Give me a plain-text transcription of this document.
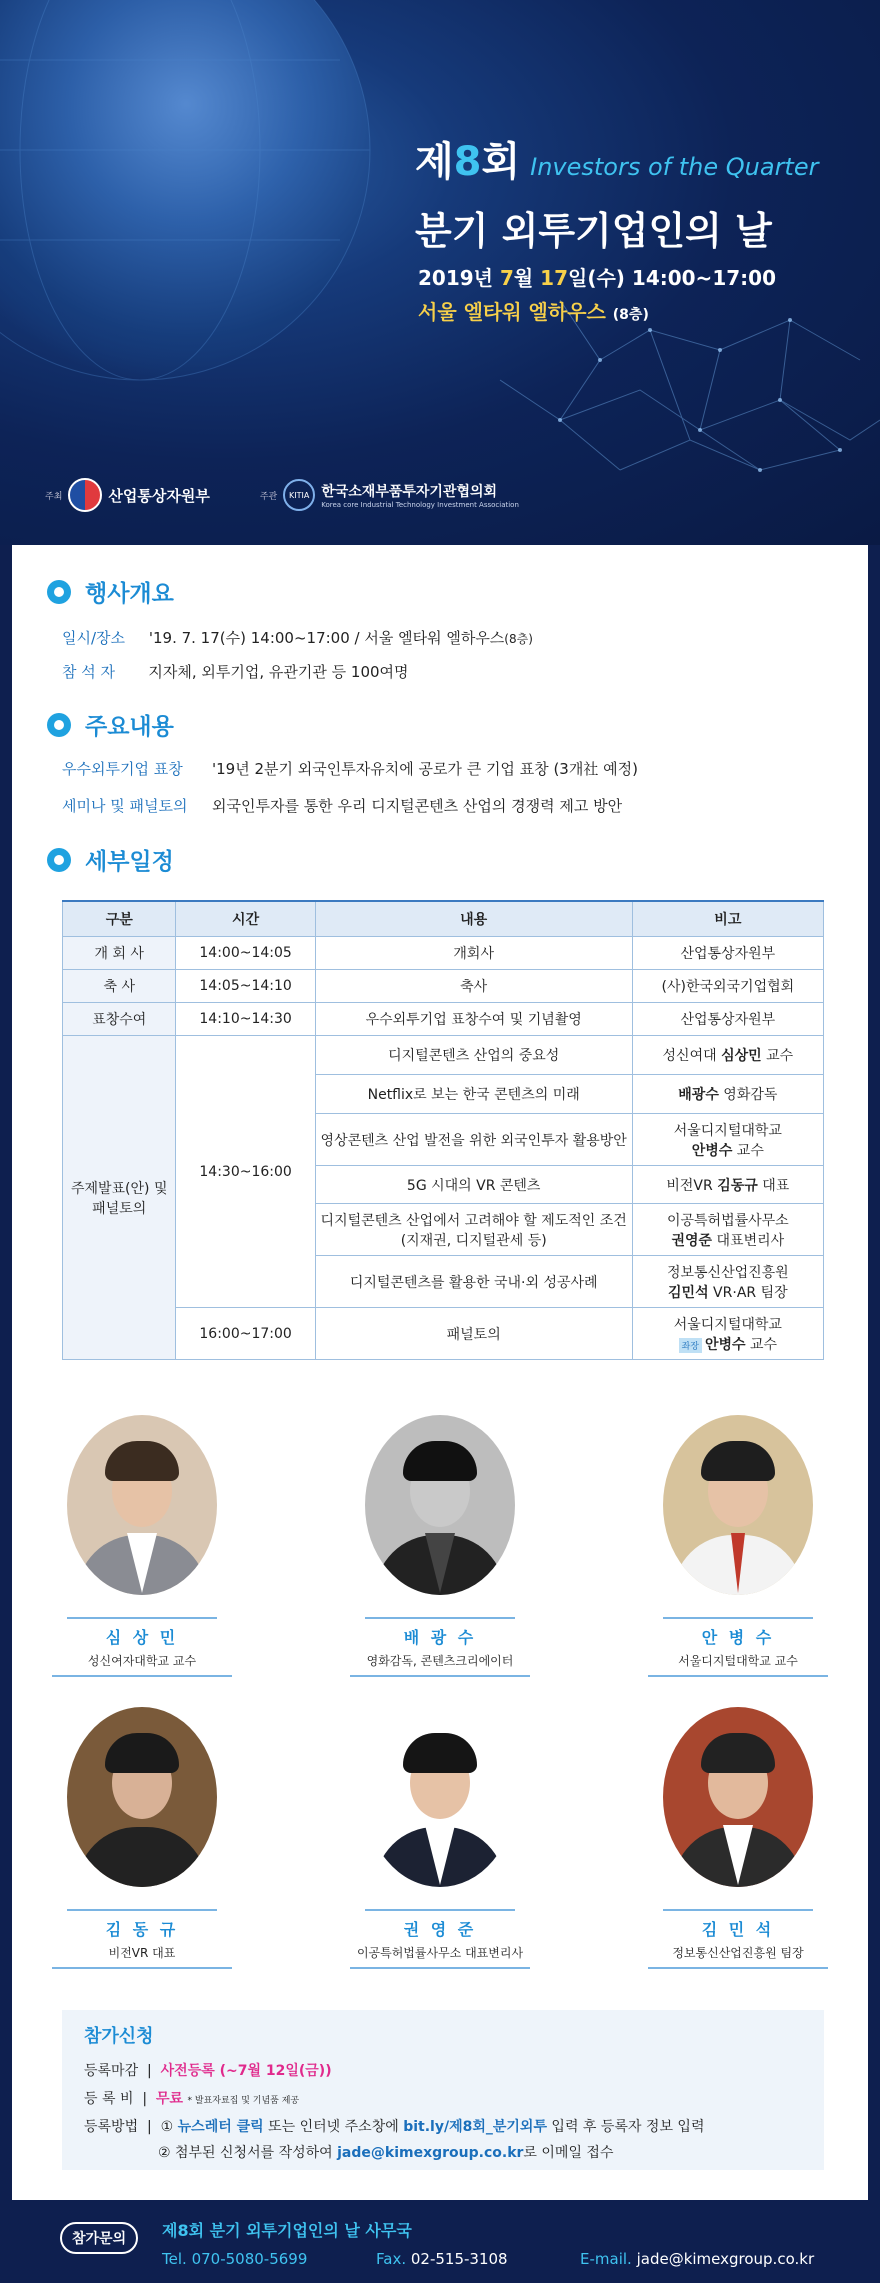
제8회 Investors of the Quarter
분기 외투기업인의 날
2019년 7월 17일(수) 14:00~17:00
서울 엘타워 엘하우스 (8층)
주최	산업통상자원부	주관	KITIA 한국소재부품투자기관협의회
Korea core Industrial Technology Investment Association
행사개요
일시/장소 '19. 7. 17(수) 14:00~17:00 / 서울 엘타워 엘하우스(8층)
참 석 자 지자체, 외투기업, 유관기관 등 100여명
주요내용
우수외투기업 표창 '19년 2분기 외국인투자유치에 공로가 큰 기업 표창 (3개社 예정)
세미나 및 패널토의 외국인투자를 통한 우리 디지털콘텐츠 산업의 경쟁력 제고 방안
세부일정
구분	시간	내용	비고
개 회 사	14:00~14:05	개회사	산업통상자원부
축 사	14:05~14:10	축사	(사)한국외국기업협회
표창수여	14:10~14:30	우수외투기업 표창수여 및 기념촬영	산업통상자원부
주제발표(안) 및 패널토의	14:30~16:00	디지털콘텐츠 산업의 중요성	성신여대 심상민 교수
		Netflix로 보는 한국 콘텐츠의 미래	배광수 영화감독
		영상콘텐츠 산업 발전을 위한 외국인투자 활용방안	서울디지털대학교
안병수 교수
		5G 시대의 VR 콘텐츠	비전VR 김동규 대표
		디지털콘텐츠 산업에서 고려해야 할 제도적인 조건 (지재권, 디지털관세 등)	이공특허법률사무소
권영준 대표변리사
		디지털콘텐츠를 활용한 국내·외 성공사례	정보통신산업진흥원
김민석 VR·AR 팀장
	16:00~17:00	패널토의	서울디지털대학교
좌장 안병수 교수
심 상 민
성신여자대학교 교수
배 광 수
영화감독, 콘텐츠크리에이터
안 병 수
서울디지털대학교 교수
김 동 규
비전VR 대표
권 영 준
이공특허법률사무소 대표변리사
김 민 석
정보통신산업진흥원 팀장
참가신청
등록마감 | 사전등록 (~7월 12일(금))
등 록 비 | 무료 * 발표자료집 및 기념품 제공
등록방법 | ① 뉴스레터 클릭 또는 인터넷 주소창에 bit.ly/제8회_분기외투 입력 후 등록자 정보 입력
② 첨부된 신청서를 작성하여 jade@kimexgroup.co.kr로 이메일 접수
참가문의	제8회 분기 외투기업인의 날 사무국
Tel. 070-5080-5699	Fax. 02-515-3108	E-mail. jade@kimexgroup.co.kr
